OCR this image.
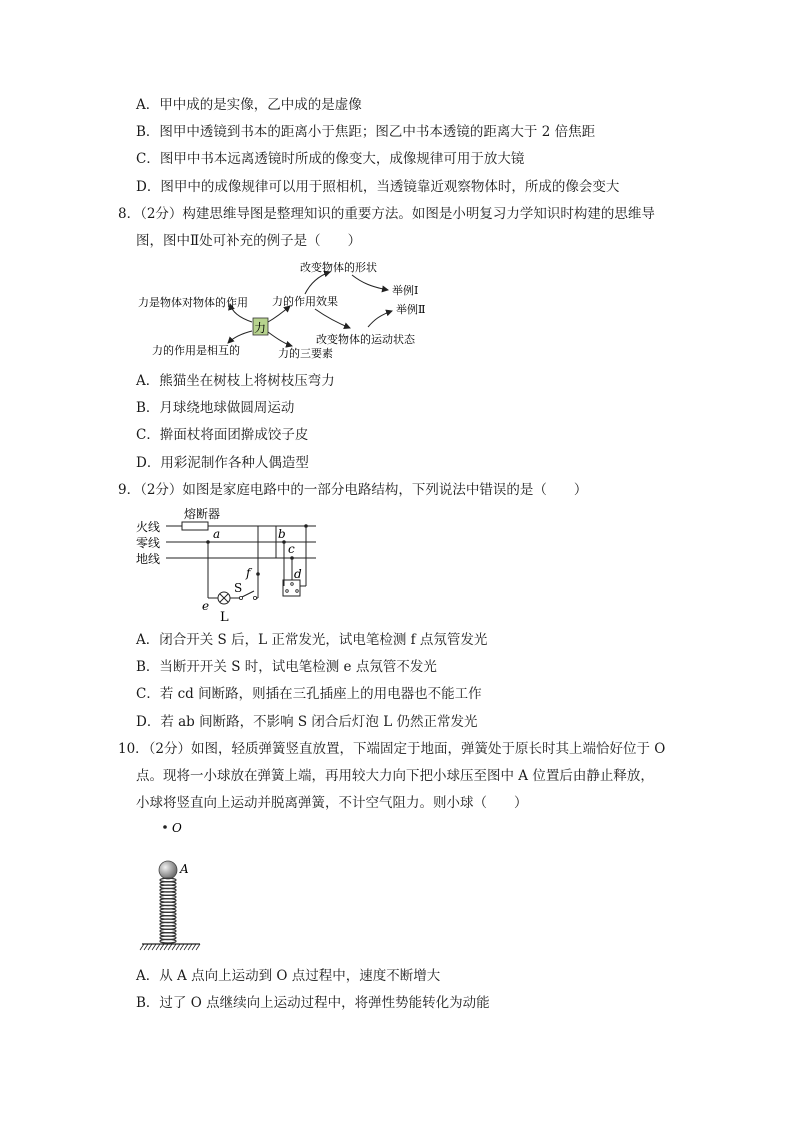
A．甲中成的是实像，乙中成的是虚像
B．图甲中透镜到书本的距离小于焦距；图乙中书本透镜的距离大于 2 倍焦距
C．图甲中书本远离透镜时所成的像变大，成像规律可用于放大镜
D．图甲中的成像规律可以用于照相机，当透镜靠近观察物体时，所成的像会变大
8．（2分）构建思维导图是整理知识的重要方法。如图是小明复习力学知识时构建的思维导
图，图中Ⅱ处可补充的例子是（　　）
力
力是物体对物体的作用
力的作用是相互的
力的作用效果
力的三要素
改变物体的形状
改变物体的运动状态
举例Ⅰ
举例Ⅱ
A．熊猫坐在树枝上将树枝压弯力
B．月球绕地球做圆周运动
C．擀面杖将面团擀成饺子皮
D．用彩泥制作各种人偶造型
9．（2分）如图是家庭电路中的一部分电路结构，下列说法中错误的是（　　）
熔断器
火线
零线
地线
a
e
f
S
L
b
c
d
A．闭合开关 S 后，L 正常发光，试电笔检测 f 点氖管发光
B．当断开开关 S 时，试电笔检测 e 点氖管不发光
C．若 cd 间断路，则插在三孔插座上的用电器也不能工作
D．若 ab 间断路，不影响 S 闭合后灯泡 L 仍然正常发光
10．（2分）如图，轻质弹簧竖直放置，下端固定于地面，弹簧处于原长时其上端恰好位于 O
点。现将一小球放在弹簧上端，再用较大力向下把小球压至图中 A 位置后由静止释放，
小球将竖直向上运动并脱离弹簧，不计空气阻力。则小球（　　）
O
A
A．从 A 点向上运动到 O 点过程中，速度不断增大
B．过了 O 点继续向上运动过程中，将弹性势能转化为动能
